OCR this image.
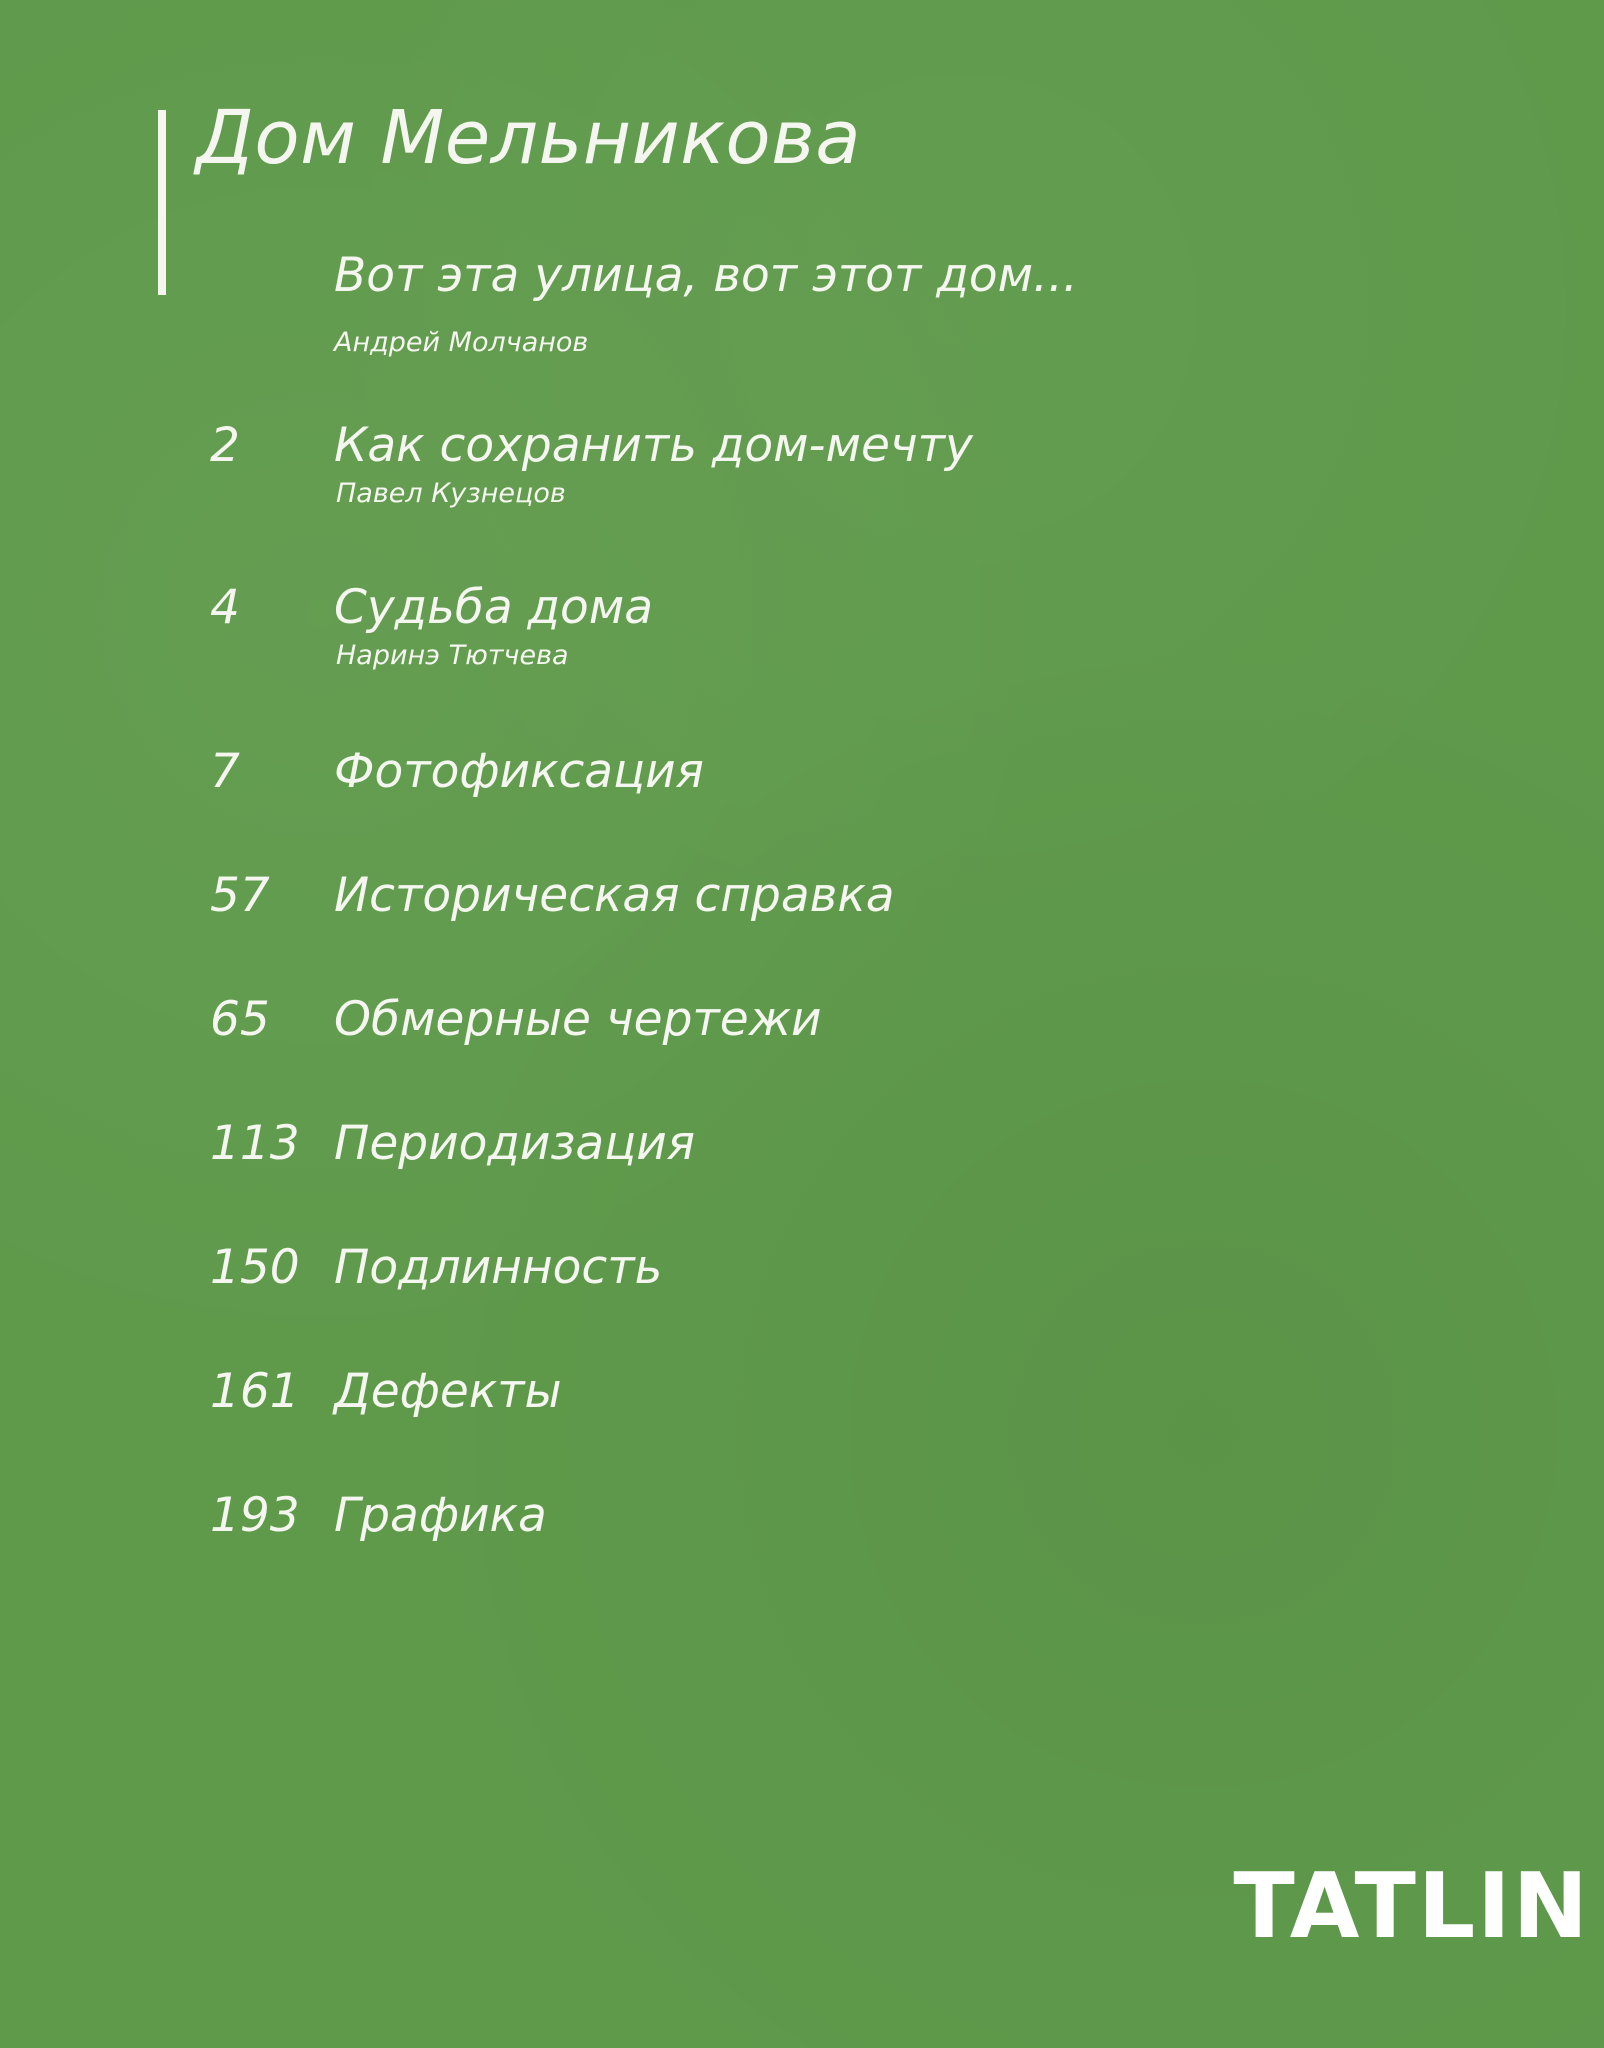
Дом Мельникова
Вот эта улица, вот этот дом...
Андрей Молчанов
2 Как сохранить дом-мечту
Павел Кузнецов
4 Судьба дома
Наринэ Тютчева
7 Фотофиксация
57 Историческая справка
65 Обмерные чертежи
113 Периодизация
150 Подлинность
161 Дефекты
193 Графика
TATLIN
